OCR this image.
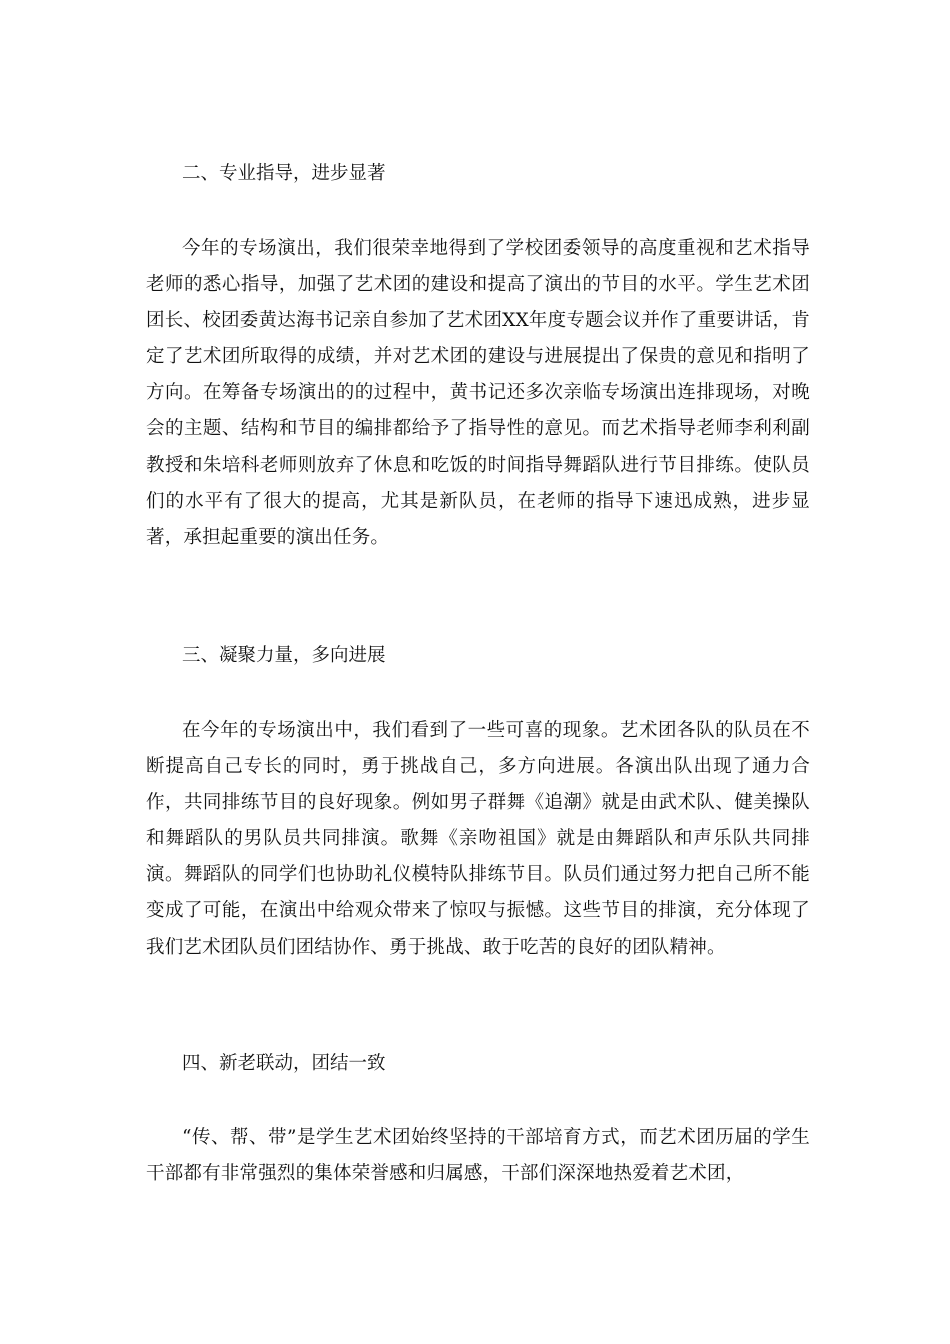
二、专业指导，进步显著

今年的专场演出，我们很荣幸地得到了学校团委领导的高度重视和艺术指导老师的悉心指导，加强了艺术团的建设和提高了演出的节目的水平。学生艺术团团长、校团委黄达海书记亲自参加了艺术团XX年度专题会议并作了重要讲话，肯定了艺术团所取得的成绩，并对艺术团的建设与进展提出了保贵的意见和指明了方向。在筹备专场演出的的过程中，黄书记还多次亲临专场演出连排现场，对晚会的主题、结构和节目的编排都给予了指导性的意见。而艺术指导老师李利利副教授和朱培科老师则放弃了休息和吃饭的时间指导舞蹈队进行节目排练。使队员们的水平有了很大的提高，尤其是新队员，在老师的指导下速迅成熟，进步显著，承担起重要的演出任务。

三、凝聚力量，多向进展

在今年的专场演出中，我们看到了一些可喜的现象。艺术团各队的队员在不断提高自己专长的同时，勇于挑战自己，多方向进展。各演出队出现了通力合作，共同排练节目的良好现象。例如男子群舞《追潮》就是由武术队、健美操队和舞蹈队的男队员共同排演。歌舞《亲吻祖国》就是由舞蹈队和声乐队共同排演。舞蹈队的同学们也协助礼仪模特队排练节目。队员们通过努力把自己所不能变成了可能，在演出中给观众带来了惊叹与振憾。这些节目的排演，充分体现了我们艺术团队员们团结协作、勇于挑战、敢于吃苦的良好的团队精神。

四、新老联动，团结一致

“传、帮、带”是学生艺术团始终坚持的干部培育方式，而艺术团历届的学生干部都有非常强烈的集体荣誉感和归属感，干部们深深地热爱着艺术团，
